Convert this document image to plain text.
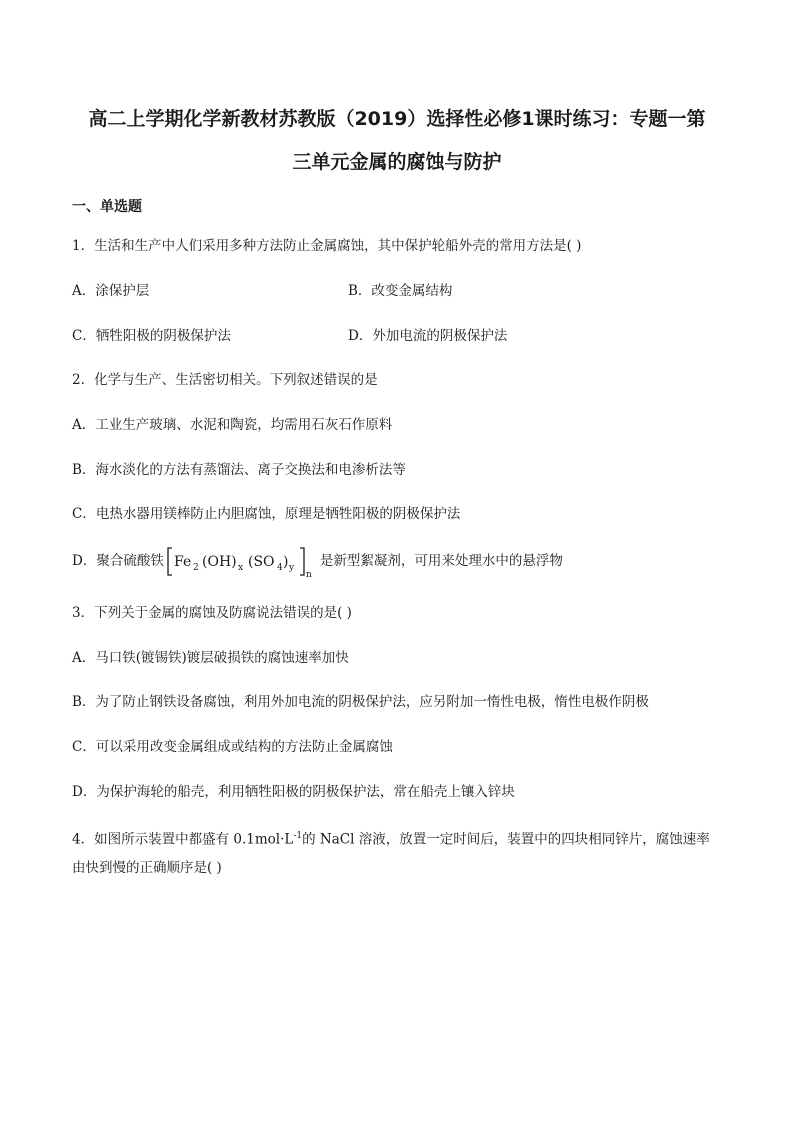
高二上学期化学新教材苏教版（2019）选择性必修1课时练习：专题一第
三单元金属的腐蚀与防护
一、单选题
1．生活和生产中人们采用多种方法防止金属腐蚀，其中保护轮船外壳的常用方法是( )
A．涂保护层	B．改变金属结构
C．牺牲阳极的阴极保护法	D．外加电流的阴极保护法
2．化学与生产、生活密切相关。下列叙述错误的是
A．工业生产玻璃、水泥和陶瓷，均需用石灰石作原料
B．海水淡化的方法有蒸馏法、离子交换法和电渗析法等
C．电热水器用镁棒防止内胆腐蚀，原理是牺牲阳极的阴极保护法
D．聚合硫酸铁 Fe 2 (OH) x (SO 4 ) y
n
是新型絮凝剂，可用来处理水中的悬浮物
3．下列关于金属的腐蚀及防腐说法错误的是( )
A．马口铁(镀锡铁)镀层破损铁的腐蚀速率加快
B．为了防止钢铁设备腐蚀，利用外加电流的阴极保护法，应另附加一惰性电极，惰性电极作阴极
C．可以采用改变金属组成或结构的方法防止金属腐蚀
D．为保护海轮的船壳，利用牺牲阳极的阴极保护法，常在船壳上镶入锌块
4．如图所示装置中都盛有 $0.1mol\cdot L^{-1}$的 NaCl 溶液，放置一定时间后，装置中的四块相同锌片，腐蚀速率
由快到慢的正确顺序是( )
